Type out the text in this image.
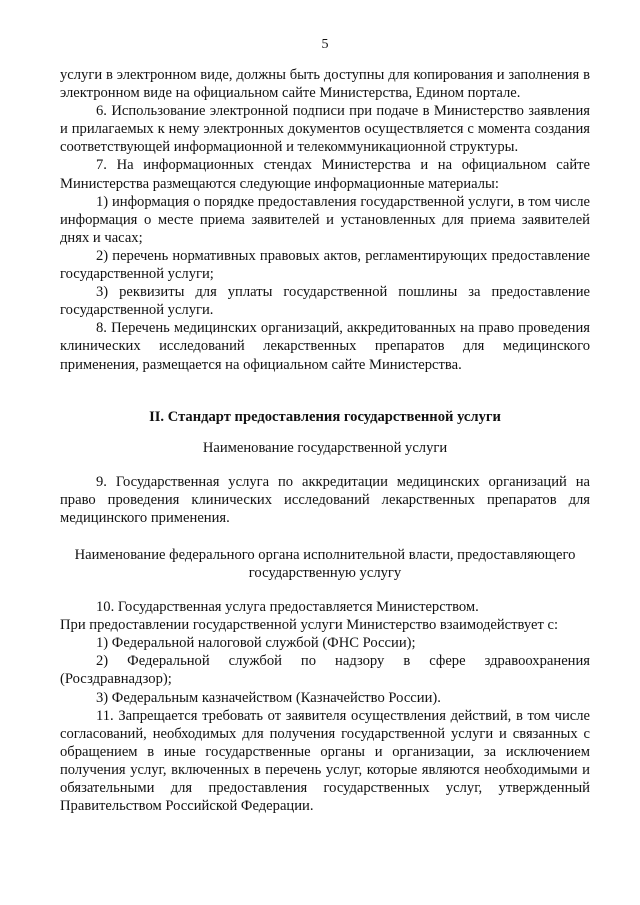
5

услуги в электронном виде, должны быть доступны для копирования и заполнения в электронном виде на официальном сайте Министерства, Едином портале.

6. Использование электронной подписи при подаче в Министерство заявления и прилагаемых к нему электронных документов осуществляется с момента создания соответствующей информационной и телекоммуникационной структуры.

7. На информационных стендах Министерства и на официальном сайте Министерства размещаются следующие информационные материалы:

1) информация о порядке предоставления государственной услуги, в том числе информация о месте приема заявителей и установленных для приема заявителей днях и часах;

2) перечень нормативных правовых актов, регламентирующих предоставление государственной услуги;

3) реквизиты для уплаты государственной пошлины за предоставление государственной услуги.

8. Перечень медицинских организаций, аккредитованных на право проведения клинических исследований лекарственных препаратов для медицинского применения, размещается на официальном сайте Министерства.

II. Стандарт предоставления государственной услуги
Наименование государственной услуги

9. Государственная услуга по аккредитации медицинских организаций на право проведения клинических исследований лекарственных препаратов для медицинского применения.

Наименование федерального органа исполнительной власти, предоставляющего государственную услугу

10. Государственная услуга предоставляется Министерством.

При предоставлении государственной услуги Министерство взаимодействует с:

1) Федеральной налоговой службой (ФНС России);

2) Федеральной службой по надзору в сфере здравоохранения (Росздравнадзор);

3) Федеральным казначейством (Казначейство России).

11. Запрещается требовать от заявителя осуществления действий, в том числе согласований, необходимых для получения государственной услуги и связанных с обращением в иные государственные органы и организации, за исключением получения услуг, включенных в перечень услуг, которые являются необходимыми и обязательными для предоставления государственных услуг, утвержденный Правительством Российской Федерации.
